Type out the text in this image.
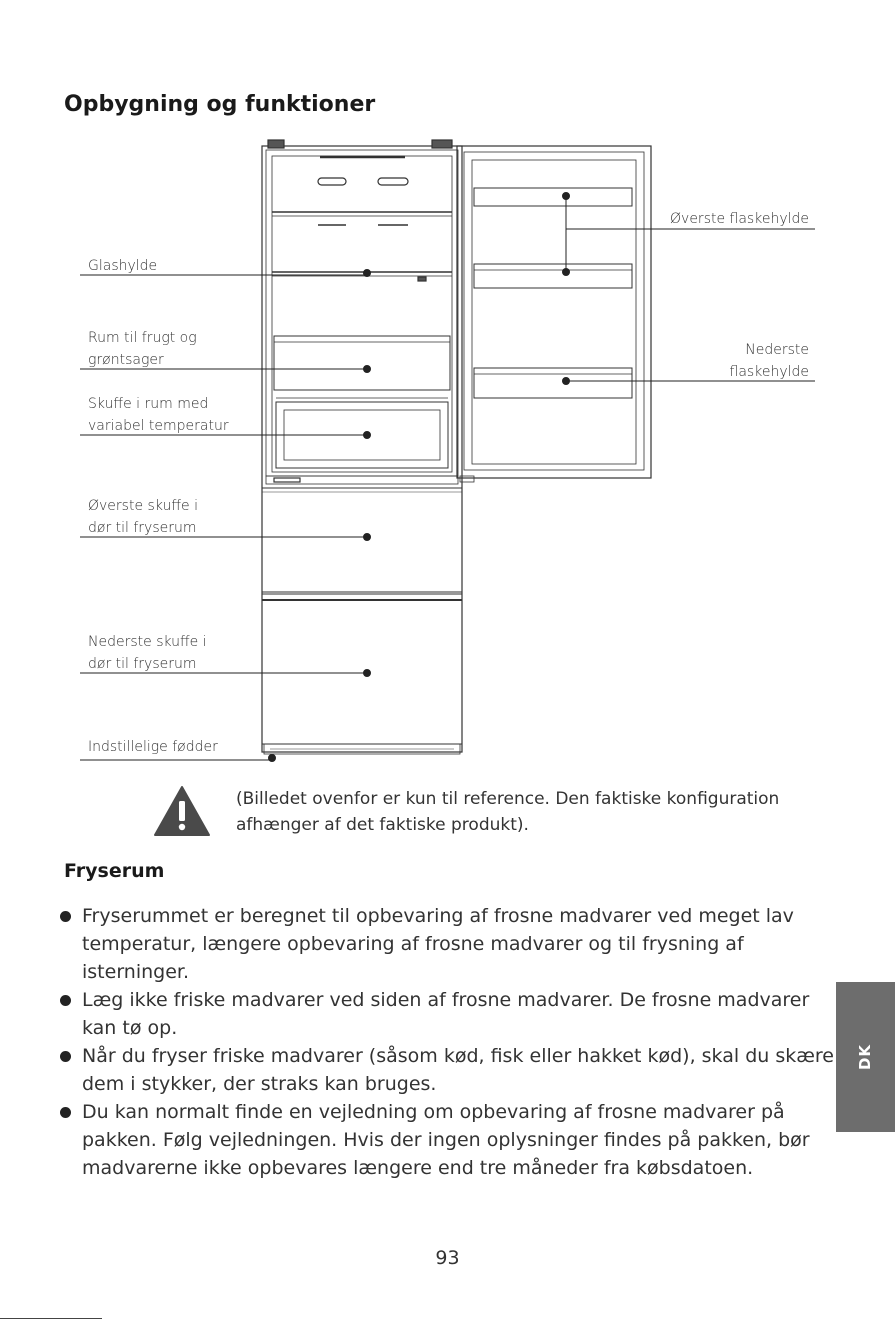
Opbygning og funktioner
Glashylde
Rum til frugt og
grøntsager
Skuffe i rum med
variabel temperatur
Øverste skuffe i
dør til fryserum
Nederste skuffe i
dør til fryserum
Indstillelige fødder
Øverste flaskehylde
Nederste
flaskehylde

(Billedet ovenfor er kun til reference. Den faktiske konfiguration
afhænger af det faktiske produkt).

Fryserum
Fryserummet er beregnet til opbevaring af frosne madvarer ved meget lav temperatur, længere opbevaring af frosne madvarer og til frysning af isterninger.
Læg ikke friske madvarer ved siden af frosne madvarer. De frosne madvarer kan tø op.
Når du fryser friske madvarer (såsom kød, fisk eller hakket kød), skal du skære dem i stykker, der straks kan bruges.
Du kan normalt finde en vejledning om opbevaring af frosne madvarer på pakken. Følg vejledningen. Hvis der ingen oplysninger findes på pakken, bør madvarerne ikke opbevares længere end tre måneder fra købsdatoen.
DK
93
